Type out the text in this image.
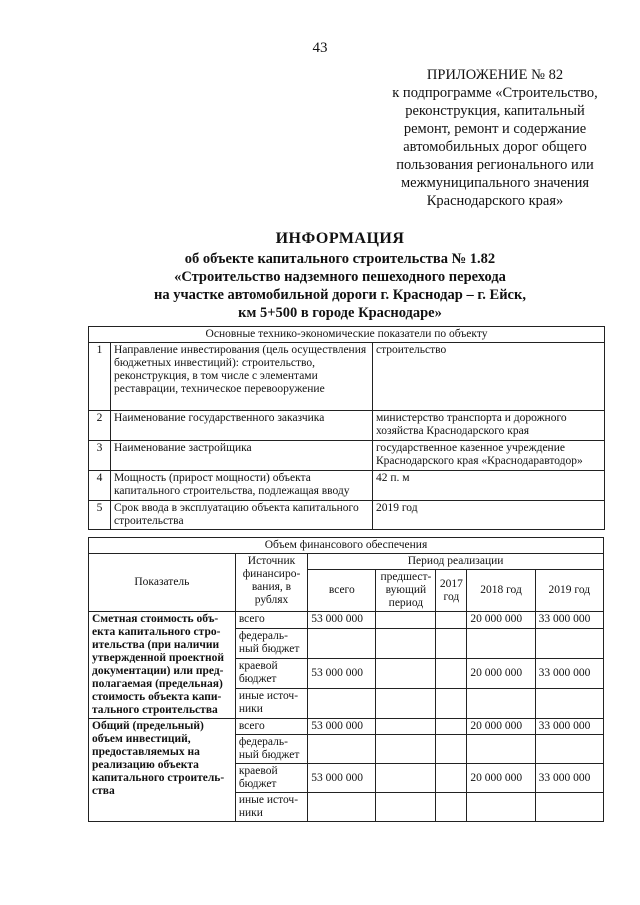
43
ПРИЛОЖЕНИЕ № 82
к подпрограмме «Строительство,
реконструкция, капитальный
ремонт, ремонт и содержание
автомобильных дорог общего
пользования регионального или
межмуниципального значения
Краснодарского края»
ИНФОРМАЦИЯ
об объекте капитального строительства № 1.82
«Строительство надземного пешеходного перехода
на участке автомобильной дороги г. Краснодар – г. Ейск,
км 5+500 в городе Краснодаре»
Основные технико-экономические показатели по объекту		
1	Направление инвестирования (цель осуществления бюджетных инвестиций): строительство, реконструкция, в том числе с элементами реставрации, техническое перевооружение	строительство
2	Наименование государственного заказчика	министерство транспорта и дорожного хозяйства Краснодарского края
3	Наименование застройщика	государственное казенное учреждение Краснодарского края «Краснодаравтодор»
4	Мощность (прирост мощности) объекта капитального строительства, подлежащая вводу	42 п. м
5	Срок ввода в эксплуатацию объекта капитального строительства	2019 год
Объем финансового обеспечения						
Показатель	Источник финансиро-вания, в рублях	Период реализации				
		всего	предшест-вующий период	2017 год	2018 год	2019 год
Сметная стоимость объ-екта капитального стро-ительства (при наличии утвержденной проектной документации) или пред-полагаемая (предельная) стоимость объекта капи-тального строительства	всего	53 000 000			20 000 000	33 000 000
	федераль-ный бюджет					
	краевой бюджет	53 000 000			20 000 000	33 000 000
	иные источ-ники					
Общий (предельный) объем инвестиций, предоставляемых на реализацию объекта капитального строитель-ства	всего	53 000 000			20 000 000	33 000 000
	федераль-ный бюджет					
	краевой бюджет	53 000 000			20 000 000	33 000 000
	иные источ-ники					
